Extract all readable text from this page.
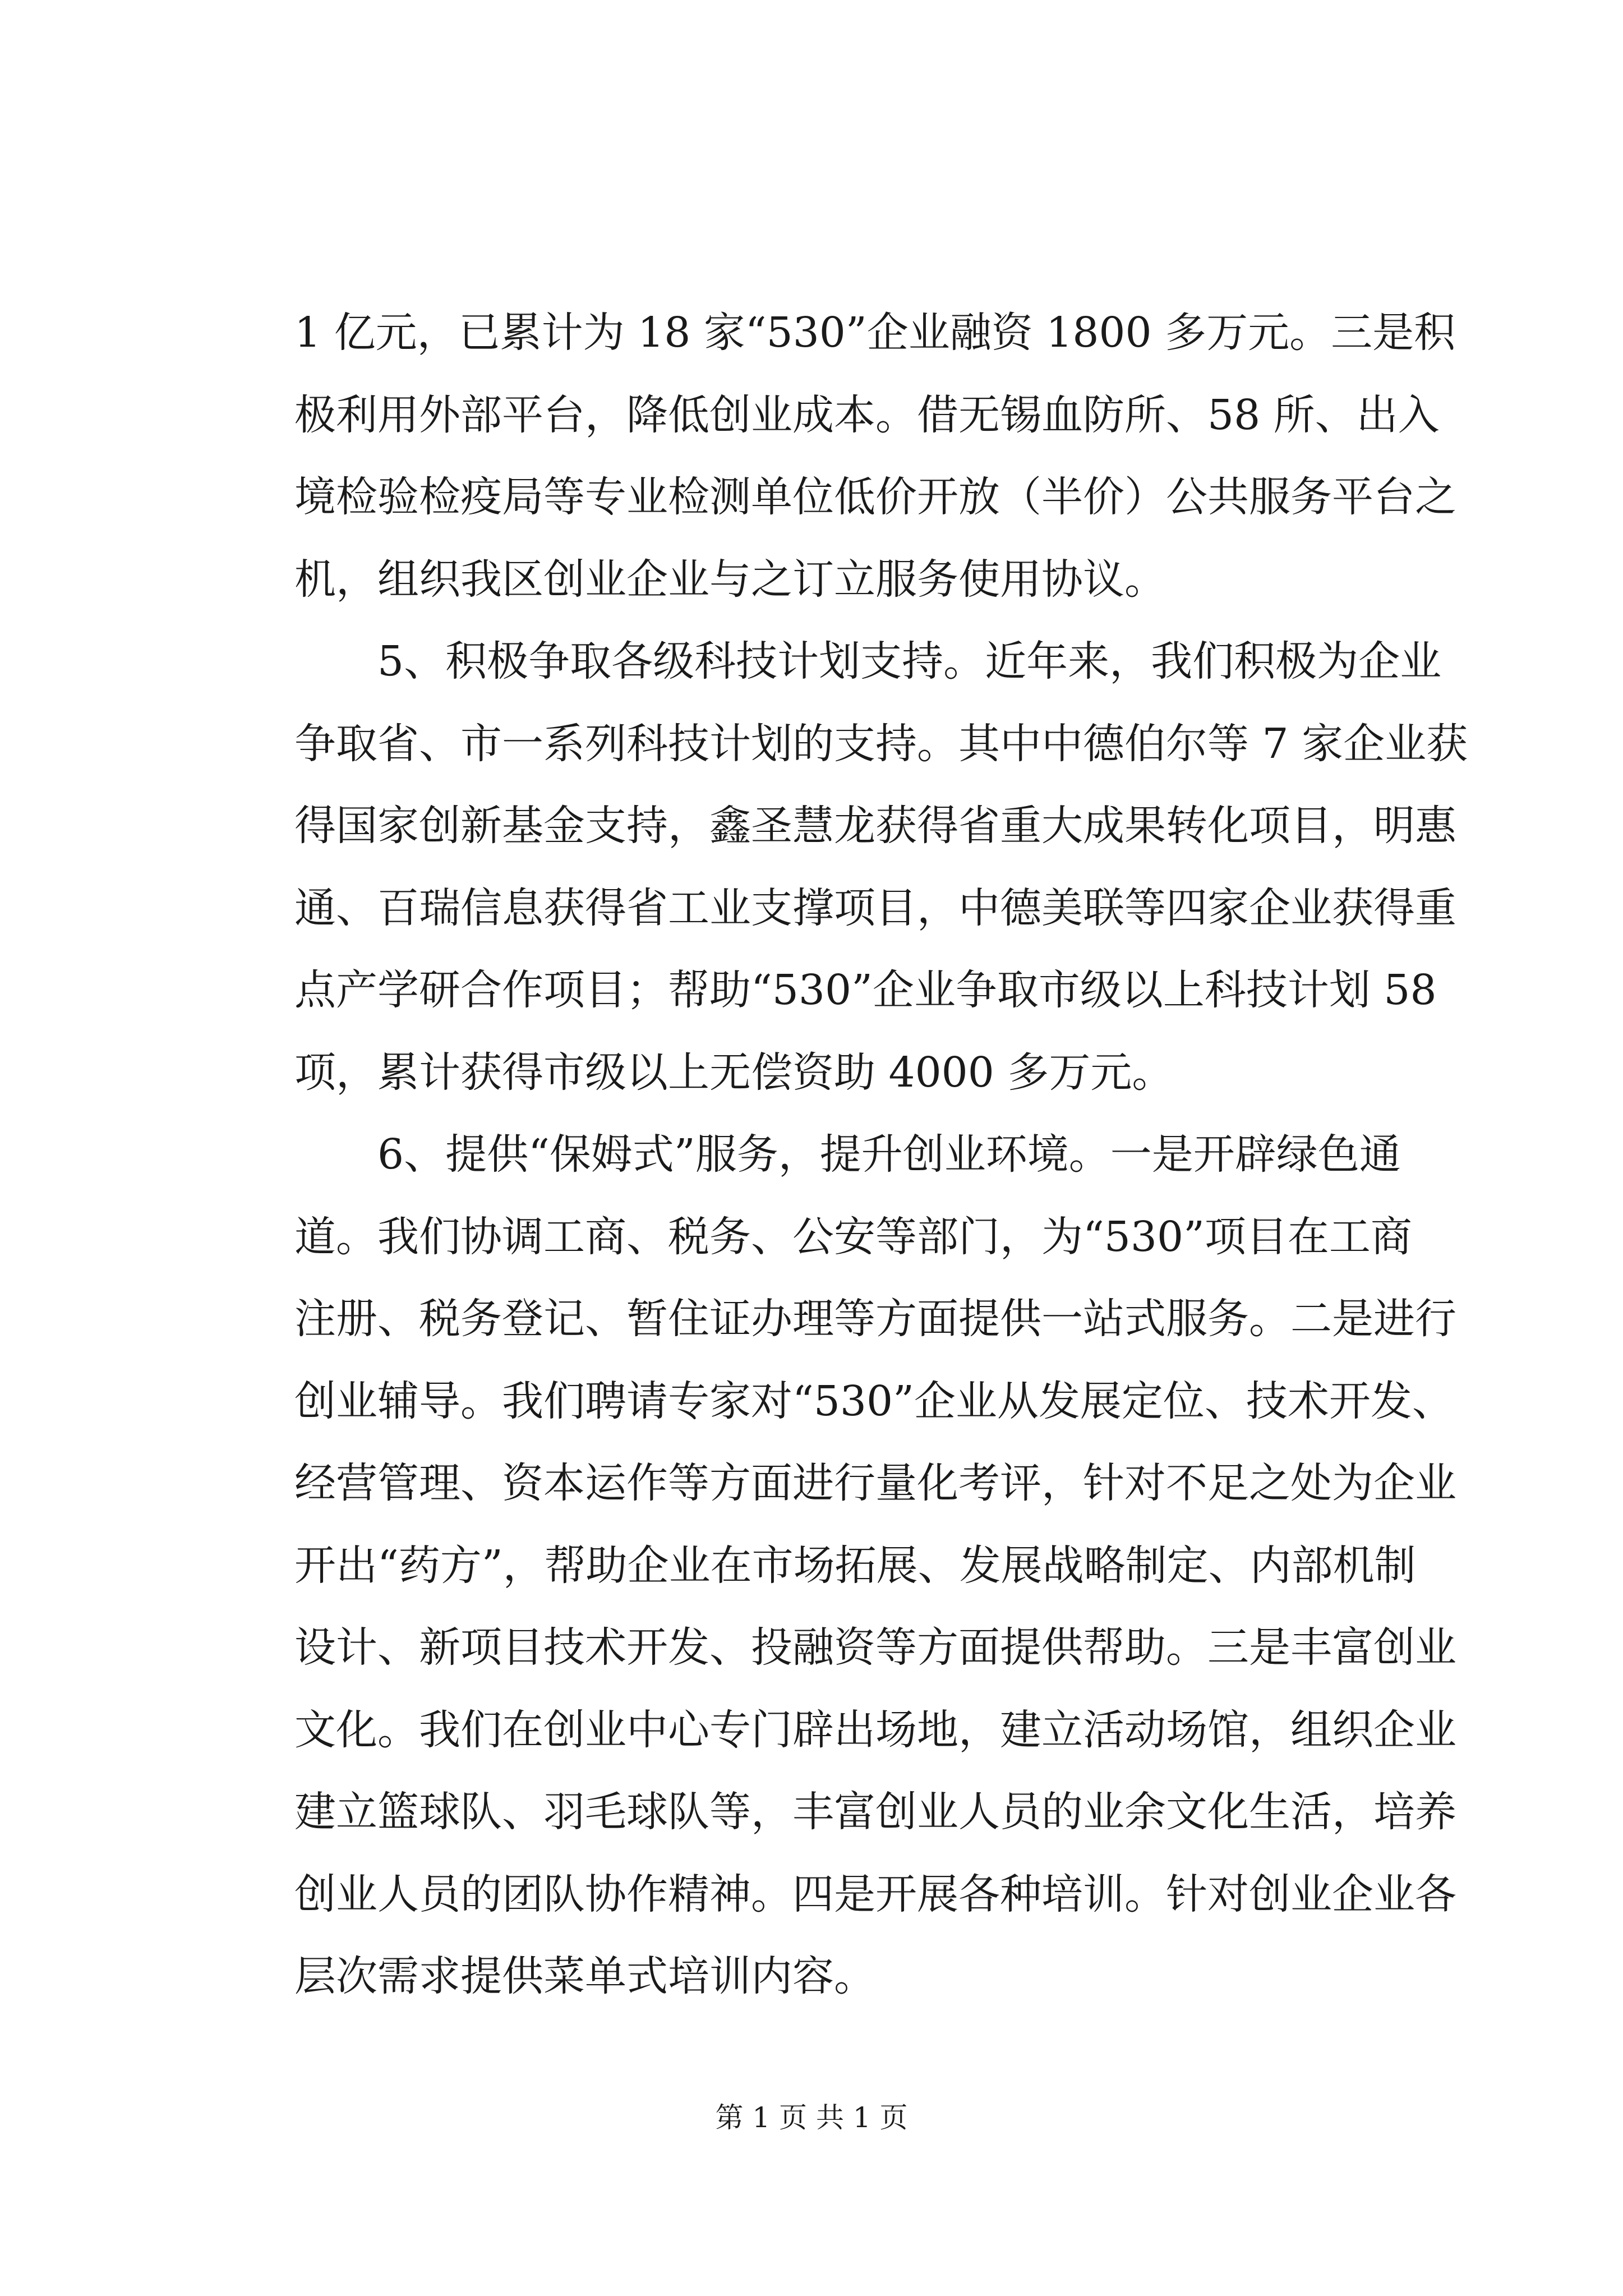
1 亿元，已累计为 18 家“530”企业融资 1800 多万元。三是积
极利用外部平台，降低创业成本。借无锡血防所、58 所、出入
境检验检疫局等专业检测单位低价开放（半价）公共服务平台之
机，组织我区创业企业与之订立服务使用协议。
5、积极争取各级科技计划支持。近年来，我们积极为企业
争取省、市一系列科技计划的支持。其中中德伯尔等 7 家企业获
得国家创新基金支持，鑫圣慧龙获得省重大成果转化项目，明惠
通、百瑞信息获得省工业支撑项目，中德美联等四家企业获得重
点产学研合作项目；帮助“530”企业争取市级以上科技计划 58
项，累计获得市级以上无偿资助 4000 多万元。
6、提供“保姆式”服务，提升创业环境。一是开辟绿色通
道。我们协调工商、税务、公安等部门，为“530”项目在工商
注册、税务登记、暂住证办理等方面提供一站式服务。二是进行
创业辅导。我们聘请专家对“530”企业从发展定位、技术开发、
经营管理、资本运作等方面进行量化考评，针对不足之处为企业
开出“药方”，帮助企业在市场拓展、发展战略制定、内部机制
设计、新项目技术开发、投融资等方面提供帮助。三是丰富创业
文化。我们在创业中心专门辟出场地，建立活动场馆，组织企业
建立篮球队、羽毛球队等，丰富创业人员的业余文化生活，培养
创业人员的团队协作精神。四是开展各种培训。针对创业企业各
层次需求提供菜单式培训内容。
第 1 页 共 1 页
